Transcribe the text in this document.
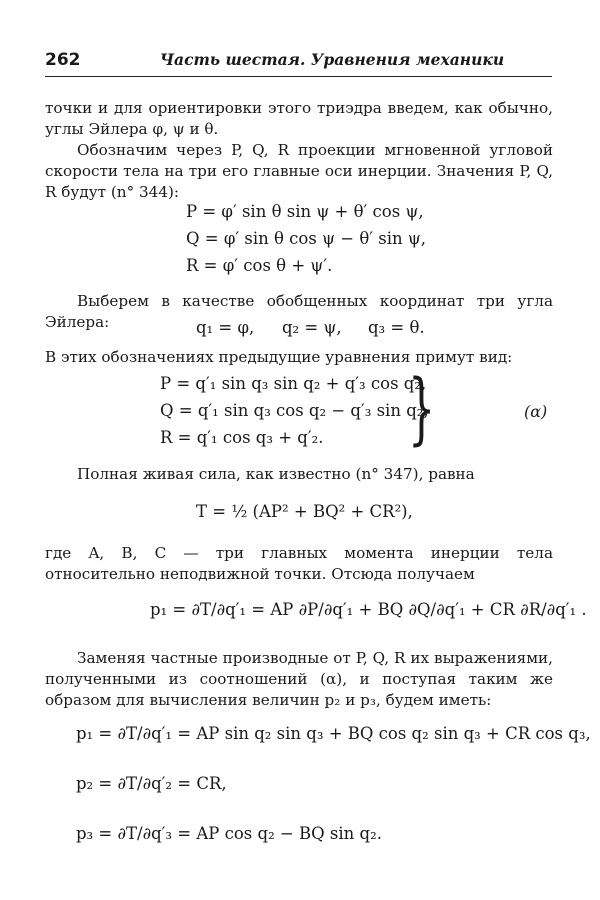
262	Часть шестая. Уравнения механики
точки и для ориентировки этого триэдра введем, как обычно, углы Эйлера φ, ψ и θ.
Обозначим через P, Q, R проекции мгновенной угловой скорости тела на три его главные оси инерции. Значения P, Q, R будут (n° 344):
P = φ′ sin θ sin ψ + θ′ cos ψ,
Q = φ′ sin θ cos ψ − θ′ sin ψ,
R = φ′ cos θ + ψ′.
Выберем в качестве обобщенных координат три угла Эйлера:	q₁ = φ, q₂ = ψ, q₃ = θ.
В этих обозначениях предыдущие уравнения примут вид:
P = q′₁ sin q₃ sin q₂ + q′₃ cos q₂,
Q = q′₁ sin q₃ cos q₂ − q′₃ sin q₂,
R = q′₁ cos q₃ + q′₂. }	(α)
Полная живая сила, как известно (n° 347), равна
T = ½ (AP² + BQ² + CR²),
где A, B, C — три главных момента инерции тела относительно неподвижной точки. Отсюда получаем
p₁ = ∂T/∂q′₁ = AP ∂P/∂q′₁ + BQ ∂Q/∂q′₁ + CR ∂R/∂q′₁ .
Заменяя частные производные от P, Q, R их выражениями, полученными из соотношений (α), и поступая таким же образом для вычисления величин p₂ и p₃, будем иметь:
p₁ = ∂T/∂q′₁ = AP sin q₂ sin q₃ + BQ cos q₂ sin q₃ + CR cos q₃,
p₂ = ∂T/∂q′₂ = CR,
p₃ = ∂T/∂q′₃ = AP cos q₂ − BQ sin q₂.
